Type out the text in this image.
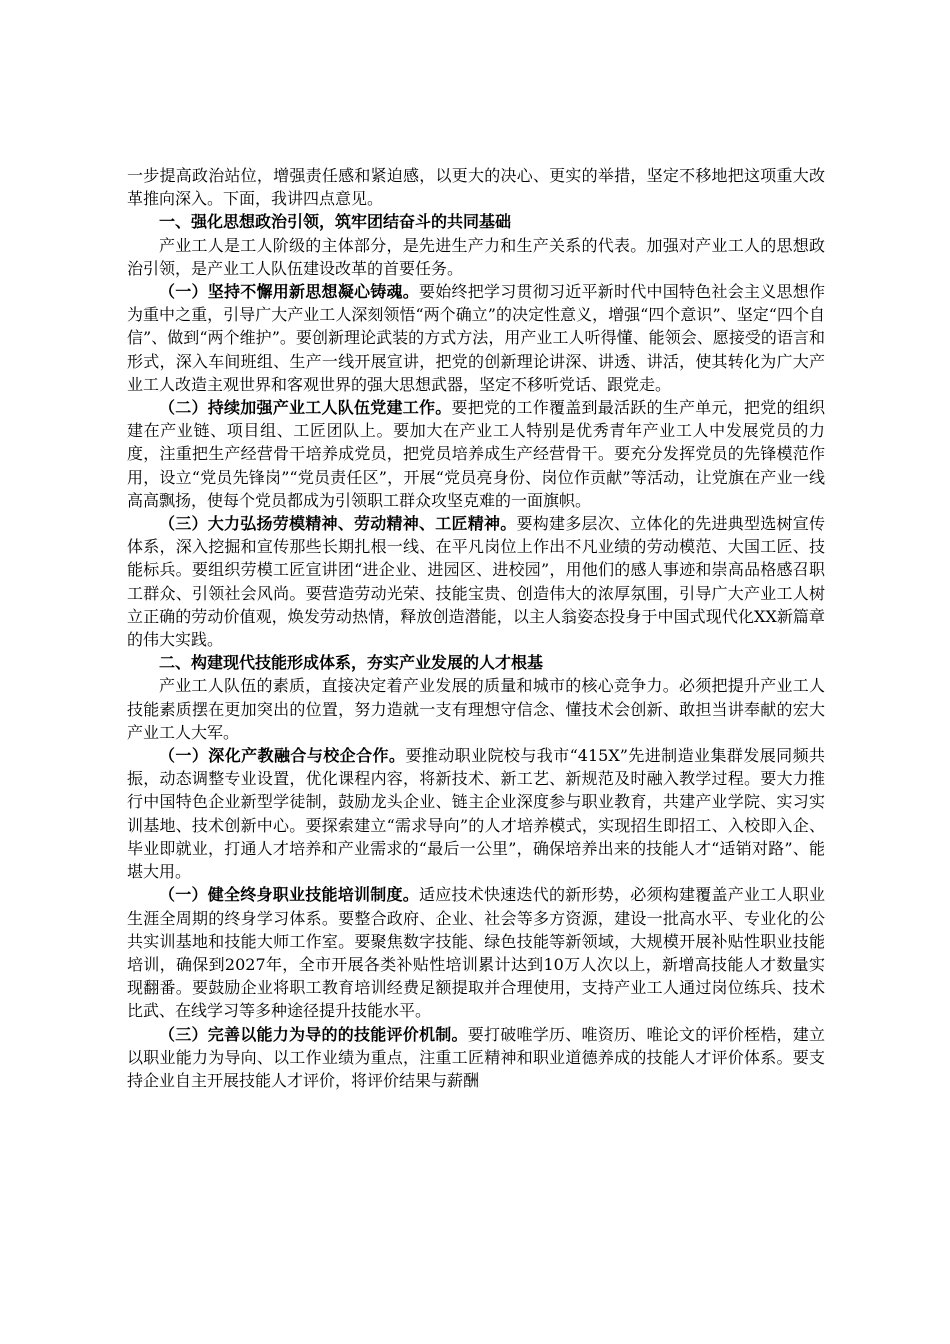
一步提高政治站位，增强责任感和紧迫感，以更大的决心、更实的举措，坚定不移地把这项重大改革推向深入。下面，我讲四点意见。

一、强化思想政治引领，筑牢团结奋斗的共同基础

产业工人是工人阶级的主体部分，是先进生产力和生产关系的代表。加强对产业工人的思想政治引领，是产业工人队伍建设改革的首要任务。

（一）坚持不懈用新思想凝心铸魂。要始终把学习贯彻习近平新时代中国特色社会主义思想作为重中之重，引导广大产业工人深刻领悟“两个确立”的决定性意义，增强“四个意识”、坚定“四个自信”、做到“两个维护”。要创新理论武装的方式方法，用产业工人听得懂、能领会、愿接受的语言和形式，深入车间班组、生产一线开展宣讲，把党的创新理论讲深、讲透、讲活，使其转化为广大产业工人改造主观世界和客观世界的强大思想武器，坚定不移听党话、跟党走。

（二）持续加强产业工人队伍党建工作。要把党的工作覆盖到最活跃的生产单元，把党的组织建在产业链、项目组、工匠团队上。要加大在产业工人特别是优秀青年产业工人中发展党员的力度，注重把生产经营骨干培养成党员，把党员培养成生产经营骨干。要充分发挥党员的先锋模范作用，设立“党员先锋岗”“党员责任区”，开展“党员亮身份、岗位作贡献”等活动，让党旗在产业一线高高飘扬，使每个党员都成为引领职工群众攻坚克难的一面旗帜。

（三）大力弘扬劳模精神、劳动精神、工匠精神。要构建多层次、立体化的先进典型选树宣传体系，深入挖掘和宣传那些长期扎根一线、在平凡岗位上作出不凡业绩的劳动模范、大国工匠、技能标兵。要组织劳模工匠宣讲团“进企业、进园区、进校园”，用他们的感人事迹和崇高品格感召职工群众、引领社会风尚。要营造劳动光荣、技能宝贵、创造伟大的浓厚氛围，引导广大产业工人树立正确的劳动价值观，焕发劳动热情，释放创造潜能，以主人翁姿态投身于中国式现代化XX新篇章的伟大实践。

二、构建现代技能形成体系，夯实产业发展的人才根基

产业工人队伍的素质，直接决定着产业发展的质量和城市的核心竞争力。必须把提升产业工人技能素质摆在更加突出的位置，努力造就一支有理想守信念、懂技术会创新、敢担当讲奉献的宏大产业工人大军。

（一）深化产教融合与校企合作。要推动职业院校与我市“415X”先进制造业集群发展同频共振，动态调整专业设置，优化课程内容，将新技术、新工艺、新规范及时融入教学过程。要大力推行中国特色企业新型学徒制，鼓励龙头企业、链主企业深度参与职业教育，共建产业学院、实习实训基地、技术创新中心。要探索建立“需求导向”的人才培养模式，实现招生即招工、入校即入企、毕业即就业，打通人才培养和产业需求的“最后一公里”，确保培养出来的技能人才“适销对路”、能堪大用。

（一）健全终身职业技能培训制度。适应技术快速迭代的新形势，必须构建覆盖产业工人职业生涯全周期的终身学习体系。要整合政府、企业、社会等多方资源，建设一批高水平、专业化的公共实训基地和技能大师工作室。要聚焦数字技能、绿色技能等新领域，大规模开展补贴性职业技能培训，确保到2027年，全市开展各类补贴性培训累计达到10万人次以上，新增高技能人才数量实现翻番。要鼓励企业将职工教育培训经费足额提取并合理使用，支持产业工人通过岗位练兵、技术比武、在线学习等多种途径提升技能水平。

（三）完善以能力为导的的技能评价机制。要打破唯学历、唯资历、唯论文的评价桎梏，建立以职业能力为导向、以工作业绩为重点，注重工匠精神和职业道德养成的技能人才评价体系。要支持企业自主开展技能人才评价，将评价结果与薪酬
